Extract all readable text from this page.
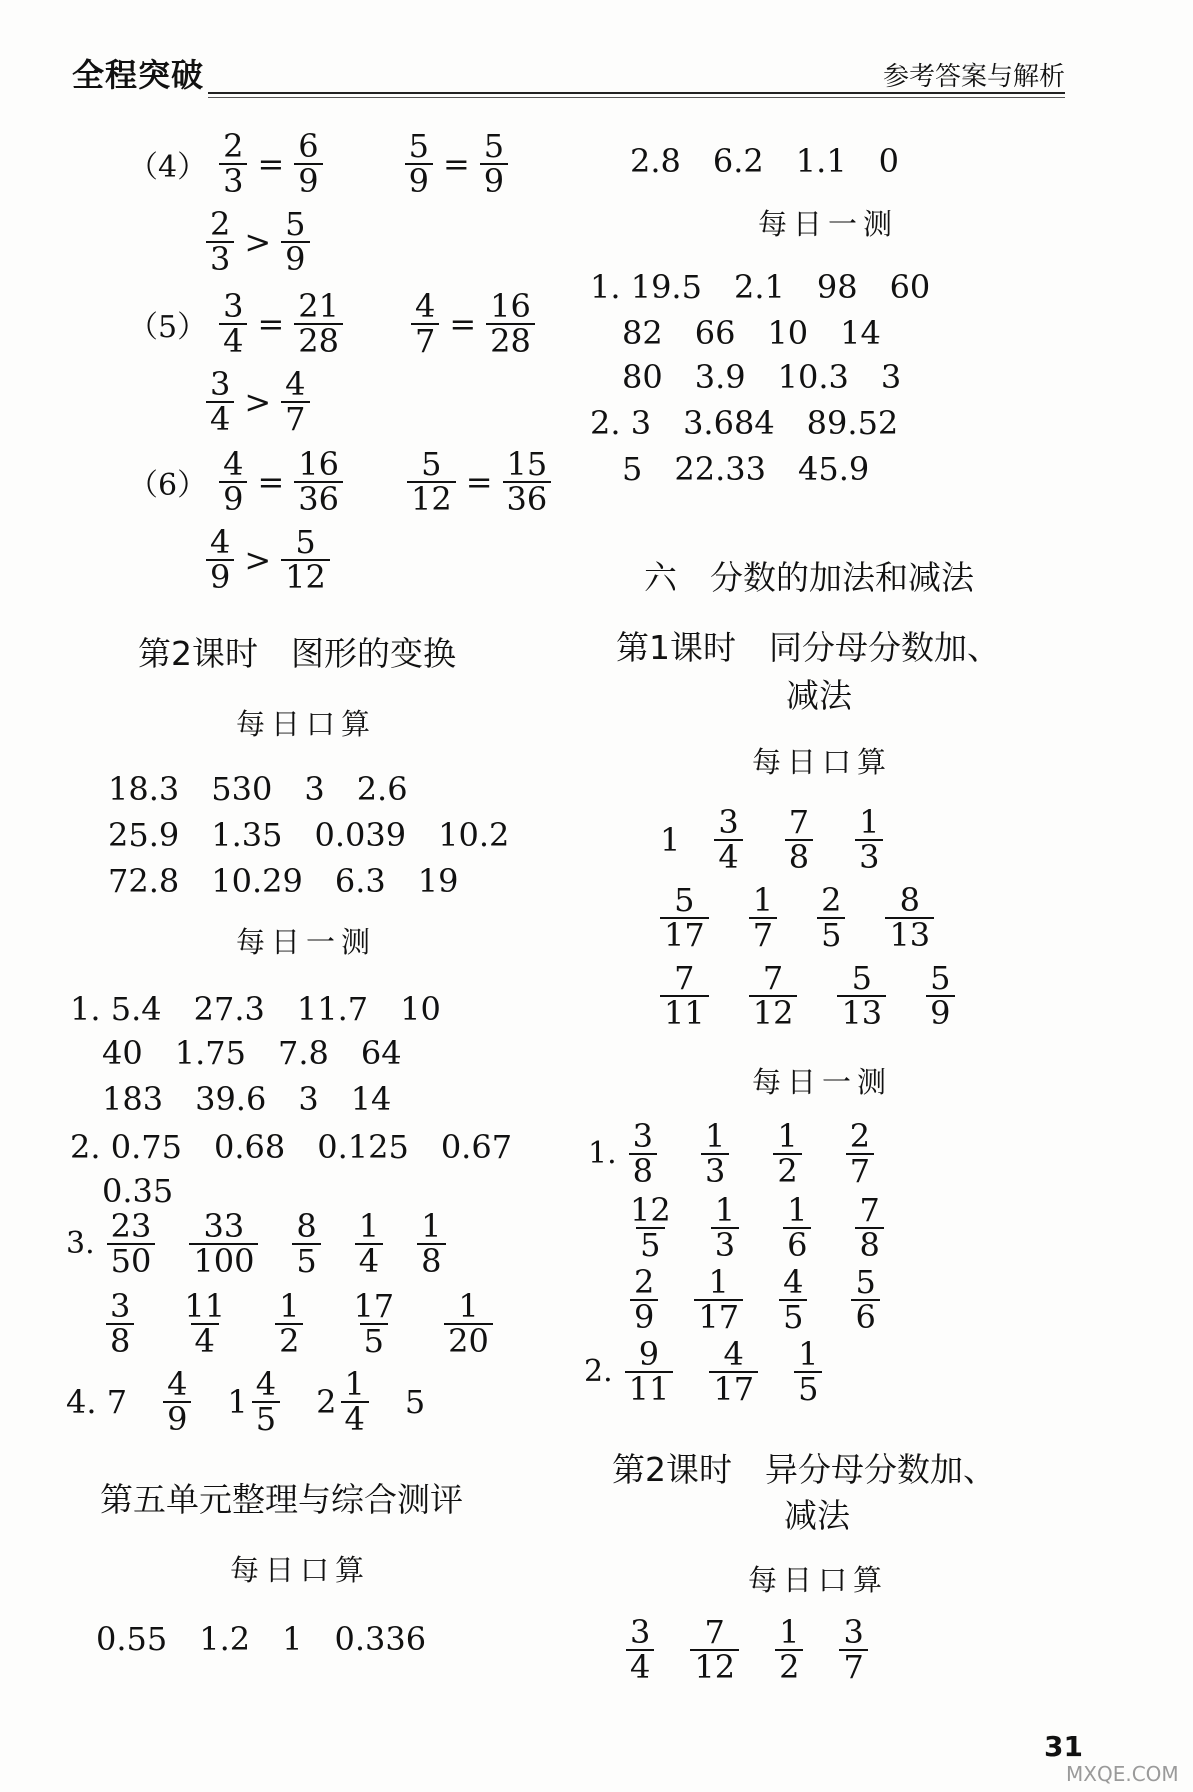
全程突破	参考答案与解析
$(4) \frac{2}{3} = \frac{6}{9}$	$\frac{5}{9} = \frac{5}{9}$
$\frac{2}{3} > \frac{5}{9}$
$(5) \frac{3}{4} = \frac{21}{28} \frac{4}{7} = \frac{16}{28}$
$\frac{3}{4} > \frac{4}{7}$
$(6) \frac{4}{9} = \frac{16}{36} \frac{5}{12} = \frac{15}{36}$
$\frac{4}{9} > \frac{5}{12}$
第2课时　图形的变换
每日口算
18.3　530　3　2.6
25.9　1.35　0.039　10.2
72.8　10.29　6.3　19
每日一测
1. 5.4　27.3　11.7　10
　40　1.75　7.8　64
　183　39.6　3　14
2. 0.75　0.68　0.125　0.67
　0.35
3. $\frac{23}{50} \frac{33}{100} \frac{8}{5} \frac{1}{4} \frac{1}{8}$
$\frac{3}{8} \frac{11}{4} \frac{1}{2} \frac{17}{5} \frac{1}{20}$
4. $7 \frac{4}{9} 1 \frac{4}{5} 2 \frac{1}{4} 5$
第五单元整理与综合测评
每日口算
0.55　1.2　1　0.336
2.8　6.2　1.1　0
每日一测
1. 19.5　2.1　98　60
　82　66　10　14
　80　3.9　10.3　3
2. 3　3.684　89.52
　5　22.33　45.9
六　分数的加法和减法
第1课时　同分母分数加、
减法
每日口算
$1 \frac{3}{4} \frac{7}{8} \frac{1}{3}$
$\frac{5}{17} \frac{1}{7} \frac{2}{5} \frac{8}{13}$
$\frac{7}{11} \frac{7}{12} \frac{5}{13} \frac{5}{9}$
每日一测
1. $\frac{3}{8} \frac{1}{3} \frac{1}{2} \frac{2}{7}$
$\frac{12}{5} \frac{1}{3} \frac{1}{6} \frac{7}{8}$
$\frac{2}{9} \frac{1}{17} \frac{4}{5} \frac{5}{6}$
2. $\frac{9}{11} \frac{4}{17} \frac{1}{5}$
第2课时　异分母分数加、
减法
每日口算
$\frac{3}{4} \frac{7}{12} \frac{1}{2} \frac{3}{7}$
31
MXQE.COM
